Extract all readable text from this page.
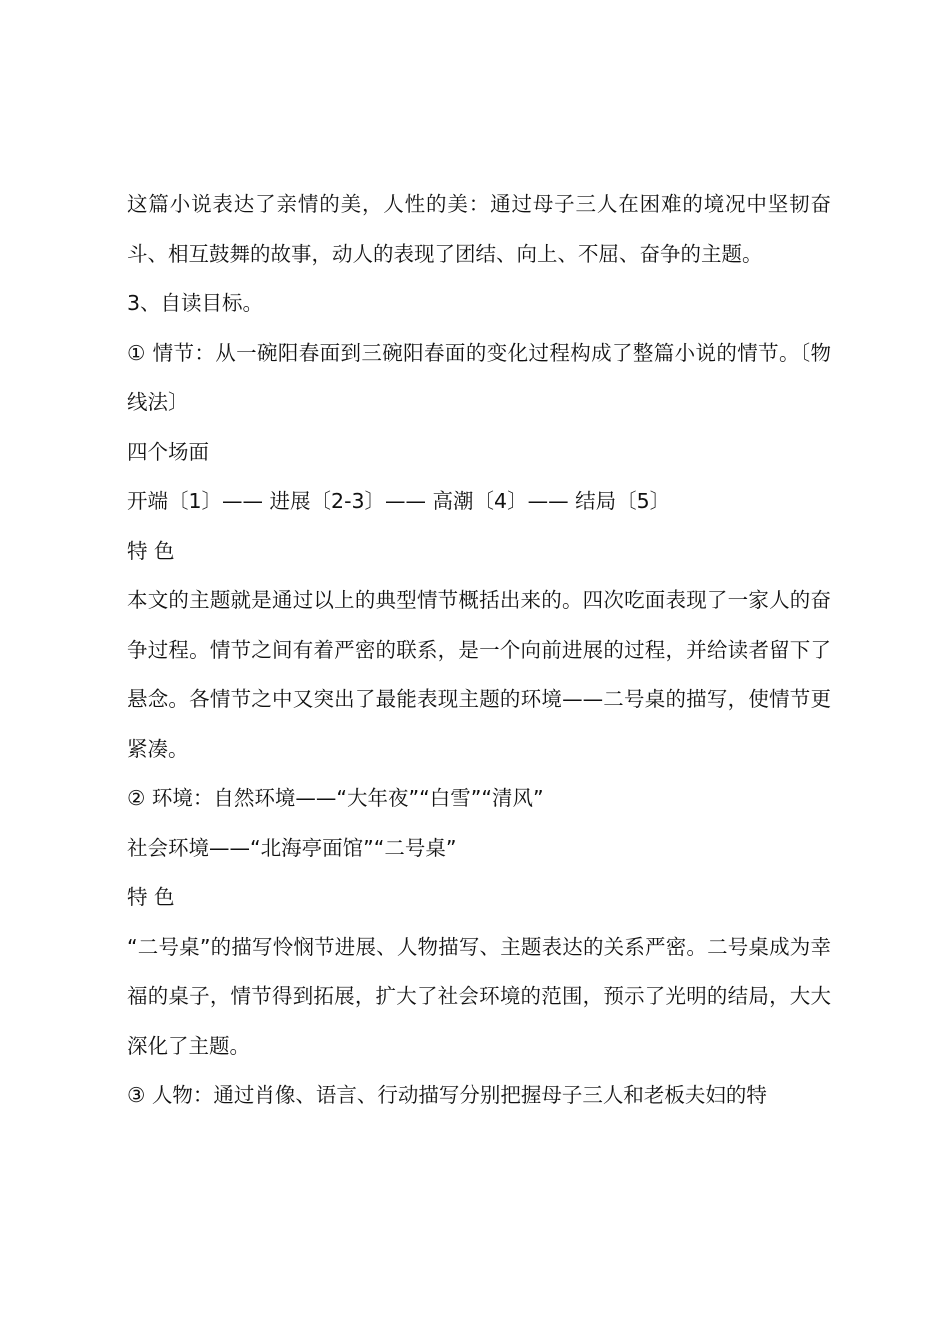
这篇小说表达了亲情的美，人性的美：通过母子三人在困难的境况中坚韧奋斗、相互鼓舞的故事，动人的表现了团结、向上、不屈、奋争的主题。

3、自读目标。

① 情节：从一碗阳春面到三碗阳春面的变化过程构成了整篇小说的情节。〔物线法〕

四个场面

开端〔1〕—— 进展〔2-3〕—— 高潮〔4〕—— 结局〔5〕

特 色

本文的主题就是通过以上的典型情节概括出来的。四次吃面表现了一家人的奋争过程。情节之间有着严密的联系，是一个向前进展的过程，并给读者留下了悬念。各情节之中又突出了最能表现主题的环境——二号桌的描写，使情节更紧凑。

② 环境：自然环境——“大年夜”“白雪”“清风”

社会环境——“北海亭面馆”“二号桌”

特 色

“二号桌”的描写怜悯节进展、人物描写、主题表达的关系严密。二号桌成为幸福的桌子，情节得到拓展，扩大了社会环境的范围，预示了光明的结局，大大深化了主题。

③ 人物：通过肖像、语言、行动描写分别把握母子三人和老板夫妇的特
